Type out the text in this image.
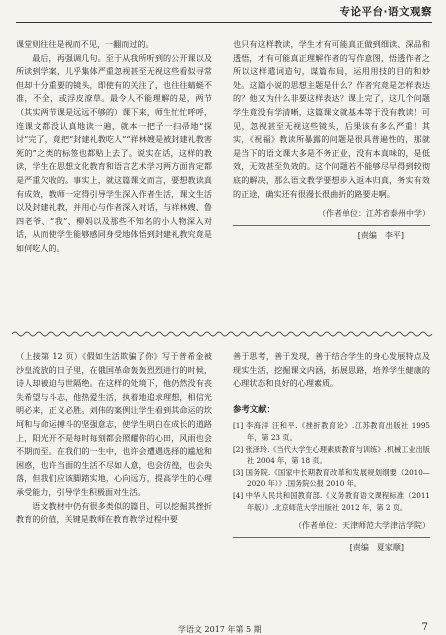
专论平台·语文观察

课堂则往往是视而不见，一翻而过的。

最后，再强调几句。至于从我所听到的公开课以及所读到学案，儿乎集体严重忽视甚至无视这些看似寻常但却十分重要的镜头，即使有的关注了，也往往蜻蜓不准，不全，或浮皮潦草。最令人不能理解的是，两节（其实两节课是远远不够的）课下来，师生忙忙呼呼，连课文都没认真地读一遍，就本一把子一扫帚地“探讨”完了，竟把“封建礼教吃人”“祥林嫂是被封建礼教害死的”之类的标签也都贴上去了。说实在话，这样的教读，学生在思想文化教育和语言艺术学习两方面肯定都是严重欠收的。事实上，就这篇课文而言，要想教读真有成效，教师一定得引导学生深入作者生活，课文生活以及封建礼教，并用心与作者深入对话，与祥林嫂、鲁四老爷、“我”、柳妈以及那些不知名的小人物深入对话，从而使学生能够感同身受地体悟到封建礼教究竟是如何吃人的。

也只有这样教读，学生才有可能真正做到细读、深品和透悟，才有可能真正理解作者的写作意图，悟透作者之所以这样遣词造句，谋篇布局，运用用技的目的和妙处。这篇小说的思想主题是什么？作者究竟是怎样表达的？他又为什么非要这样表达？课上完了，这几个问题学生竟没有学清晰，这篇课文就基本等于没有教读！可见，忽视甚至无视这些镜头，后果该有多么严重！其实，《祝福》教读所暴露的问题是很具普遍性的，那就是当下的语文课大多是不务正业，没有本真味的，是低效，无效甚至负效的。这个问题若不能够尽早得到较彻底的解决，那么语文教学要想步入返本归真，务实有效的正途，确实还有很漫长很曲折的路要走啊。

（作者单位：江苏省泰州中学）
[责编　李平]

（上接第 12 页）《假如生活欺骗了你》写于普希金被沙皇流放的日子里，在俄国革命轰轰烈烈进行的时候，诗人却被迫与世隔绝。在这样的处境下，他仍然没有丧失希望与斗志，他热爱生活，执着地追求理想，相信光明必来，正义必胜。刘伟的案例让学生看到其命运的坎坷和与命运搏斗的坚强意志，使学生明白在成长的道路上，阳光开不是每时每刻都会照耀你的心田，风雨也会不期而至。在我们的一生中，也许会遭遇选择的尴尬和困惑，也许当面的生活不尽如人意，也会彷徨，也会失落，但我们应该脚踏实地，心向远方，提高学生的心理承受能力，引导学生积极面对生活。

语文教材中仍有很多类似的篇目，可以挖掘其挫折教育的价值，关键是教师在教育教学过程中要

善于思考，善于发现，善于结合学生的身心发展特点及现实生活，挖掘课文内涵，拓展思路，培养学生健康的心理状态和良好的心理素质。

参考文献：
[1] 李海洋 汪和平.《挫折教育论》.江苏教育出版社 1995 年，第 23 页。
[2] 张泽玲.《当代大学生心理素质教育与训练》.机械工业出版社 2004 年，第 18 页。
[3] 国务院.《国家中长期教育改革和发展规划纲要（2010—2020 年）》.国务院公报 2010 年。
[4] 中华人民共和国教育部.《义务教育语文课程标准（2011 年版）》.北京师范大学出版社 2012 年，第 2 页。
（作者单位：天津师范大学津沽学院）
[责编　夏家顺]
学语文 2017 年第 5 期	7
